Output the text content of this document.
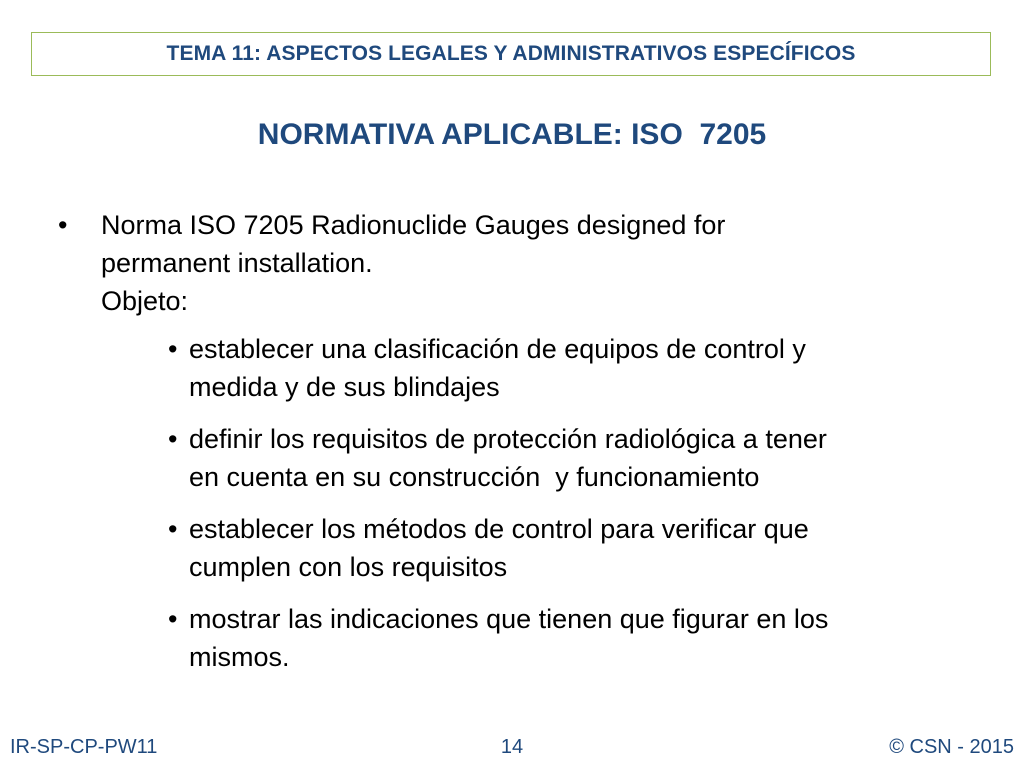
TEMA 11: ASPECTOS LEGALES Y ADMINISTRATIVOS ESPECÍFICOS
NORMATIVA APLICABLE: ISO  7205
• Norma ISO 7205 Radionuclide Gauges designed for
permanent installation.
Objeto:
• establecer una clasificación de equipos de control y
medida y de sus blindajes
• definir los requisitos de protección radiológica a tener
en cuenta en su construcción  y funcionamiento
• establecer los métodos de control para verificar que
cumplen con los requisitos
• mostrar las indicaciones que tienen que figurar en los
mismos.
IR-SP-CP-PW11	14	© CSN - 2015
